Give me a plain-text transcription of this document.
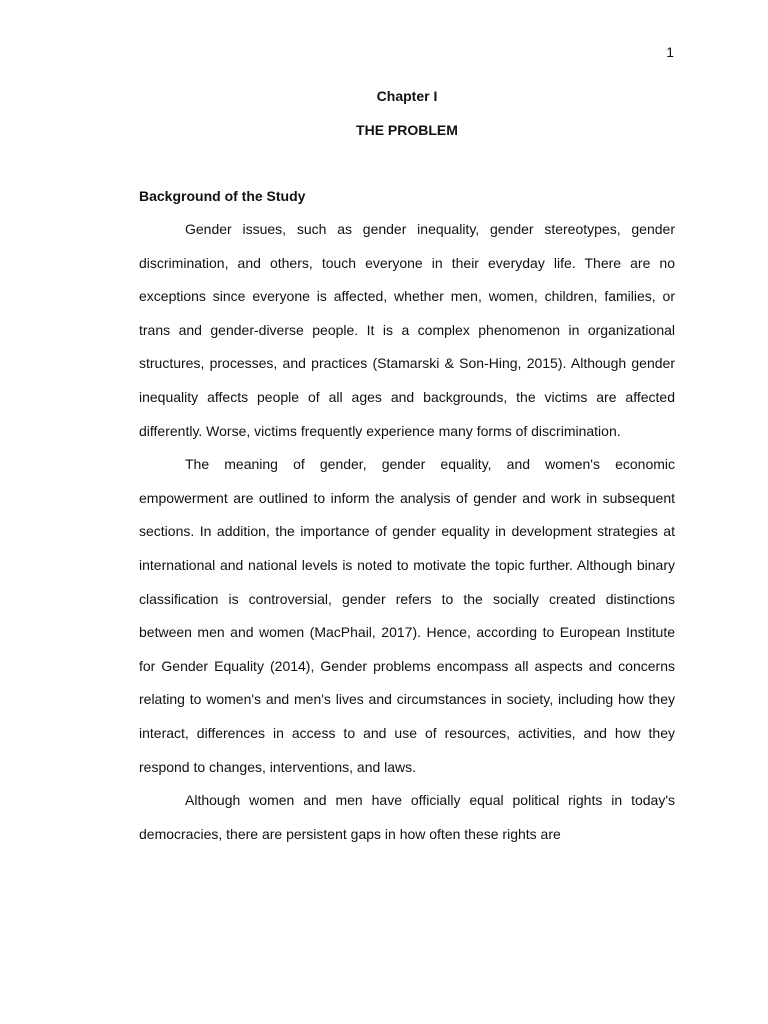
1
Chapter I
THE PROBLEM
Background of the Study

Gender issues, such as gender inequality, gender stereotypes, gender discrimination, and others, touch everyone in their everyday life. There are no exceptions since everyone is affected, whether men, women, children, families, or trans and gender-diverse people. It is a complex phenomenon in organizational structures, processes, and practices (Stamarski & Son-Hing, 2015). Although gender inequality affects people of all ages and backgrounds, the victims are affected differently. Worse, victims frequently experience many forms of discrimination.

The meaning of gender, gender equality, and women's economic empowerment are outlined to inform the analysis of gender and work in subsequent sections. In addition, the importance of gender equality in development strategies at international and national levels is noted to motivate the topic further. Although binary classification is controversial, gender refers to the socially created distinctions between men and women (MacPhail, 2017). Hence, according to European Institute for Gender Equality (2014), Gender problems encompass all aspects and concerns relating to women's and men's lives and circumstances in society, including how they interact, differences in access to and use of resources, activities, and how they respond to changes, interventions, and laws.

Although women and men have officially equal political rights in today's democracies, there are persistent gaps in how often these rights are
